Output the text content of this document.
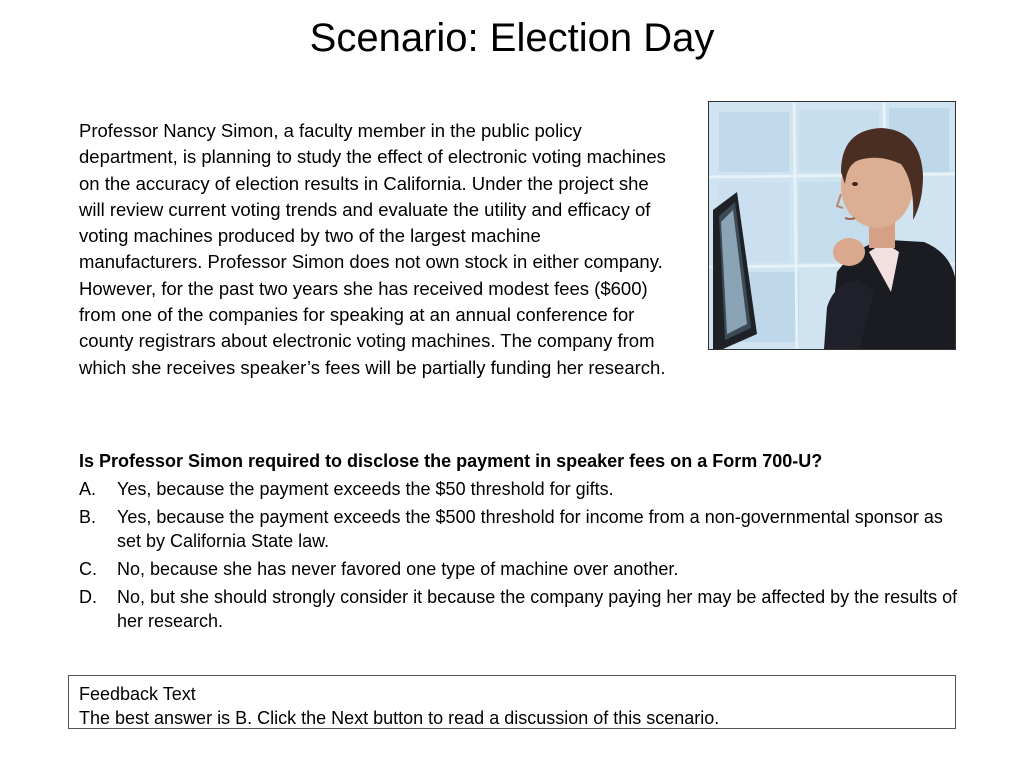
Scenario: Election Day

Professor Nancy Simon, a faculty member in the public policy department, is planning to study the effect of electronic voting machines on the accuracy of election results in California. Under the project she will review current voting trends and evaluate the utility and efficacy of voting machines produced by two of the largest machine manufacturers. Professor Simon does not own stock in either company. However, for the past two years she has received modest fees ($600) from one of the companies for speaking at an annual conference for county registrars about electronic voting machines. The company from which she receives speaker’s fees will be partially funding her research.

Is Professor Simon required to disclose the payment in speaker fees on a Form 700-U?

A.	Yes, because the payment exceeds the $50 threshold for gifts.
B.	Yes, because the payment exceeds the $500 threshold for income from a non-governmental sponsor as set by California State law.
C.	No, because she has never favored one type of machine over another.
D.	No, but she should strongly consider it because the company paying her may be affected by the results of her research.
Feedback Text
The best answer is B. Click the Next button to read a discussion of this scenario.
